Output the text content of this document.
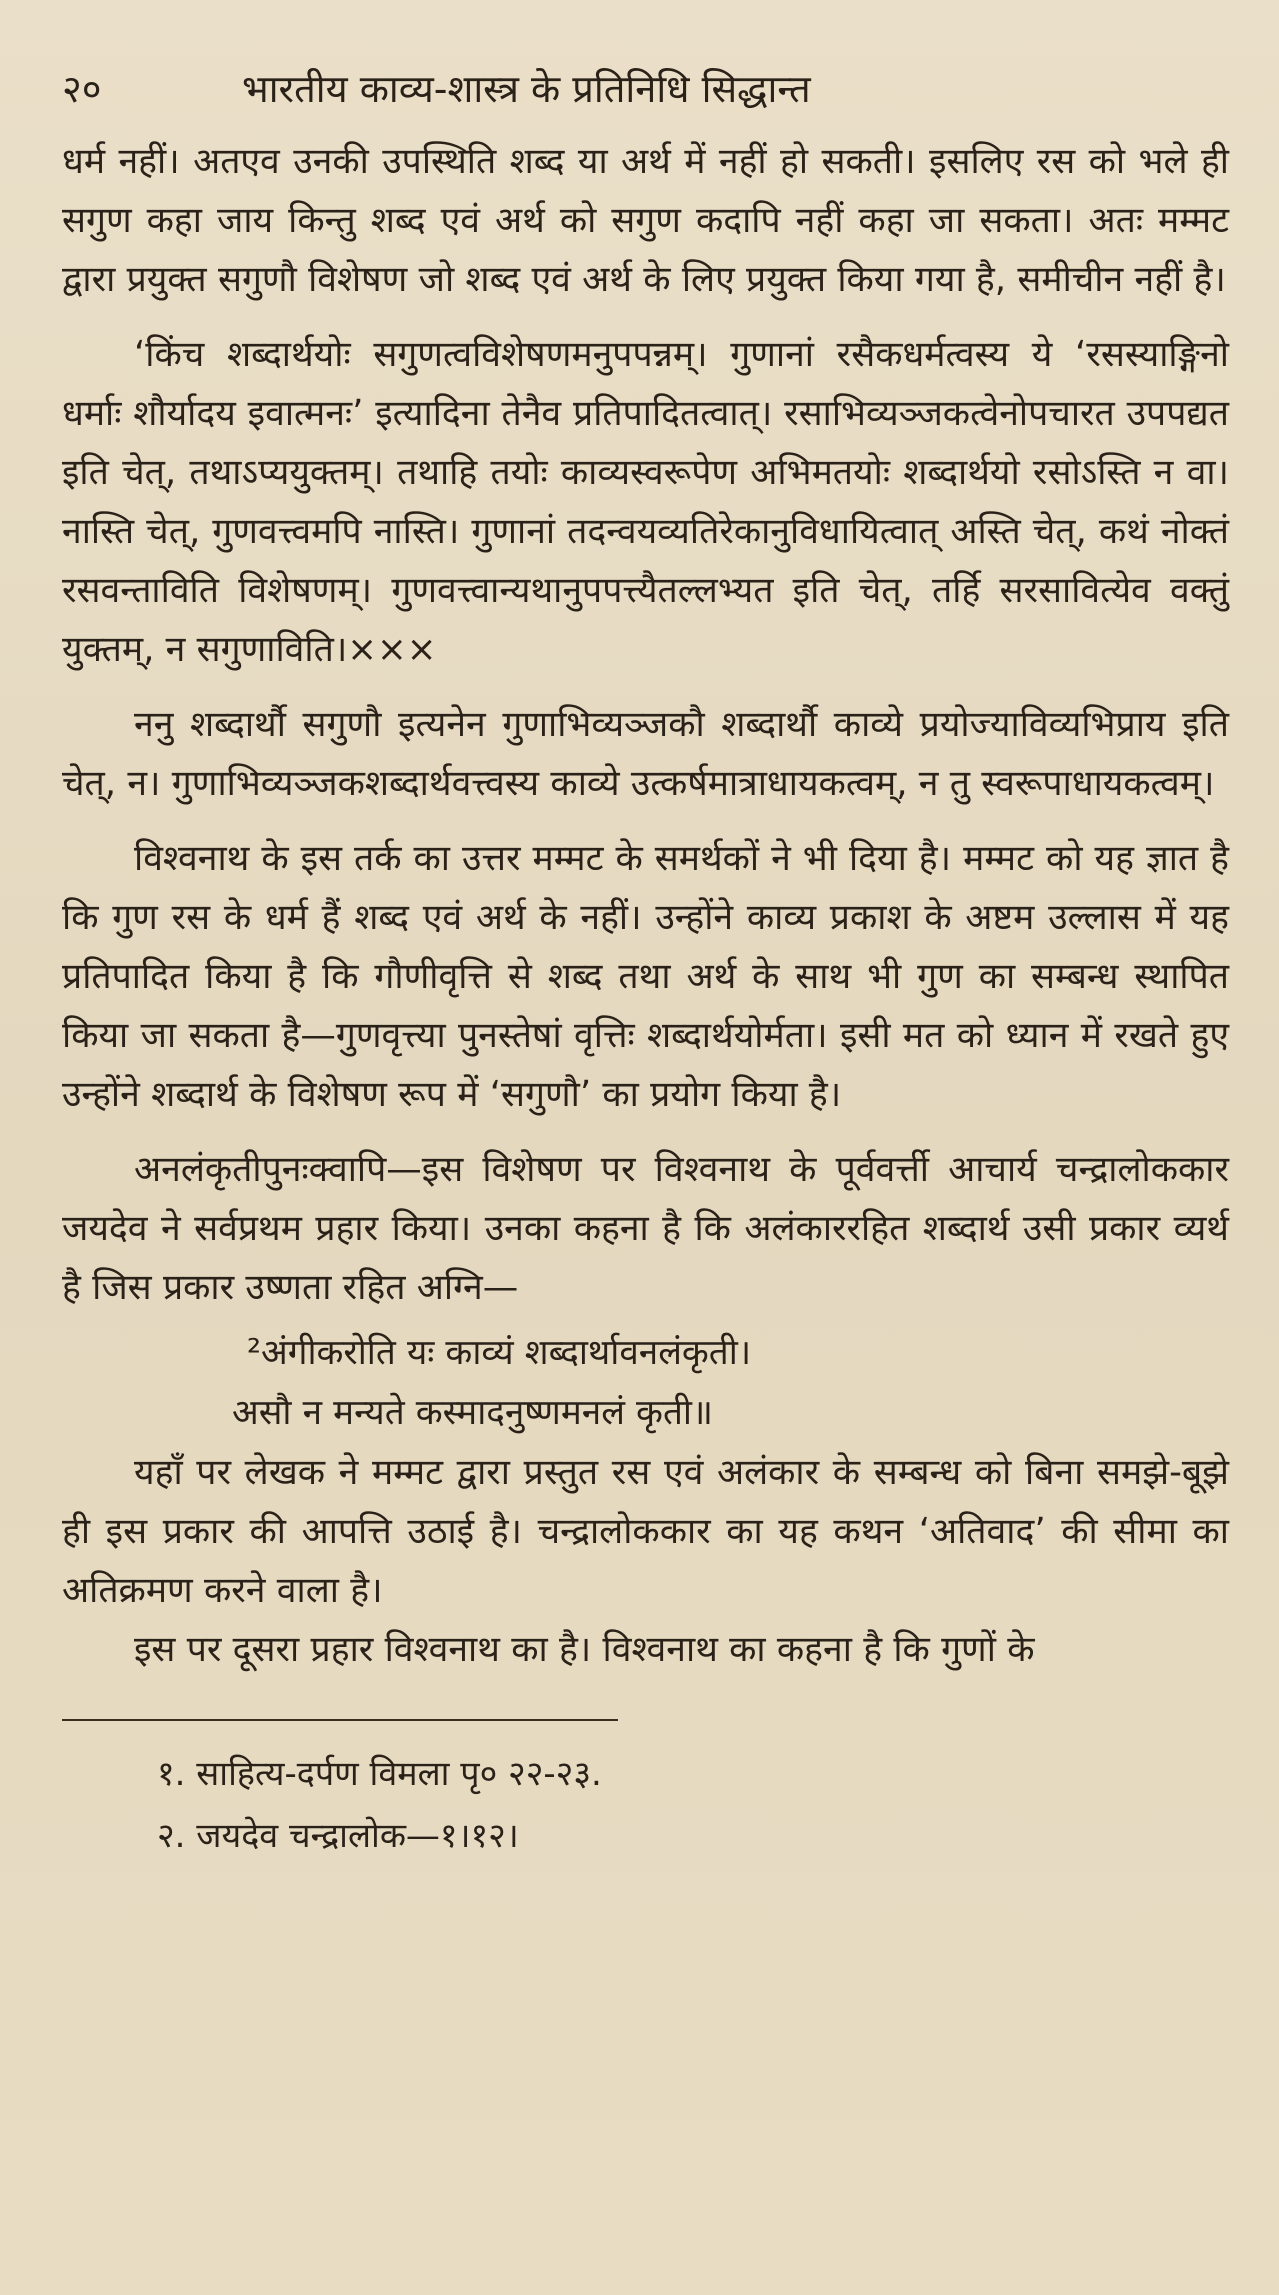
२०	भारतीय काव्य-शास्त्र के प्रतिनिधि सिद्धान्त

धर्म नहीं। अतएव उनकी उपस्थिति शब्द या अर्थ में नहीं हो सकती। इसलिए रस को भले ही सगुण कहा जाय किन्तु शब्द एवं अर्थ को सगुण कदापि नहीं कहा जा सकता। अतः मम्मट द्वारा प्रयुक्त सगुणौ विशेषण जो शब्द एवं अर्थ के लिए प्रयुक्त किया गया है, समीचीन नहीं है।

‘किंच शब्दार्थयोः सगुणत्वविशेषणमनुपपन्नम्। गुणानां रसैकधर्मत्वस्य ये ‘रसस्याङ्गिनो धर्माः शौर्यादय इवात्मनः’ इत्यादिना तेनैव प्रतिपादितत्वात्। रसाभिव्यञ्जकत्वेनोपचारत उपपद्यत इति चेत्, तथाऽप्ययुक्तम्। तथाहि तयोः काव्यस्वरूपेण अभिमतयोः शब्दार्थयो रसोऽस्ति न वा। नास्ति चेत्, गुणवत्त्वमपि नास्ति। गुणानां तदन्वयव्यतिरेकानुविधायित्वात् अस्ति चेत्, कथं नोक्तं रसवन्ताविति विशेषणम्। गुणवत्त्वान्यथानुपपत्त्यैतल्लभ्यत इति चेत्, तर्हि सरसावित्येव वक्तुं युक्तम्, न सगुणाविति।×××

ननु शब्दार्थौ सगुणौ इत्यनेन गुणाभिव्यञ्जकौ शब्दार्थौ काव्ये प्रयोज्याविव्यभिप्राय इति चेत्, न। गुणाभिव्यञ्जकशब्दार्थवत्त्वस्य काव्ये उत्कर्षमात्राधायकत्वम्, न तु स्वरूपाधायकत्वम्।

विश्वनाथ के इस तर्क का उत्तर मम्मट के समर्थकों ने भी दिया है। मम्मट को यह ज्ञात है कि गुण रस के धर्म हैं शब्द एवं अर्थ के नहीं। उन्होंने काव्य प्रकाश के अष्टम उल्लास में यह प्रतिपादित किया है कि गौणीवृत्ति से शब्द तथा अर्थ के साथ भी गुण का सम्बन्ध स्थापित किया जा सकता है—गुणवृत्त्या पुनस्तेषां वृत्तिः शब्दार्थयोर्मता। इसी मत को ध्यान में रखते हुए उन्होंने शब्दार्थ के विशेषण रूप में ‘सगुणौ’ का प्रयोग किया है।

अनलंकृतीपुनःक्वापि—इस विशेषण पर विश्वनाथ के पूर्ववर्त्ती आचार्य चन्द्रालोककार जयदेव ने सर्वप्रथम प्रहार किया। उनका कहना है कि अलंकाररहित शब्दार्थ उसी प्रकार व्यर्थ है जिस प्रकार उष्णता रहित अग्नि—

²अंगीकरोति यः काव्यं शब्दार्थावनलंकृती।

असौ न मन्यते कस्मादनुष्णमनलं कृती॥

यहाँ पर लेखक ने मम्मट द्वारा प्रस्तुत रस एवं अलंकार के सम्बन्ध को बिना समझे-बूझे ही इस प्रकार की आपत्ति उठाई है। चन्द्रालोककार का यह कथन ‘अतिवाद’ की सीमा का अतिक्रमण करने वाला है।

इस पर दूसरा प्रहार विश्वनाथ का है। विश्वनाथ का कहना है कि गुणों के

१. साहित्य-दर्पण विमला पृ० २२-२३.
२. जयदेव चन्द्रालोक—१।१२।
